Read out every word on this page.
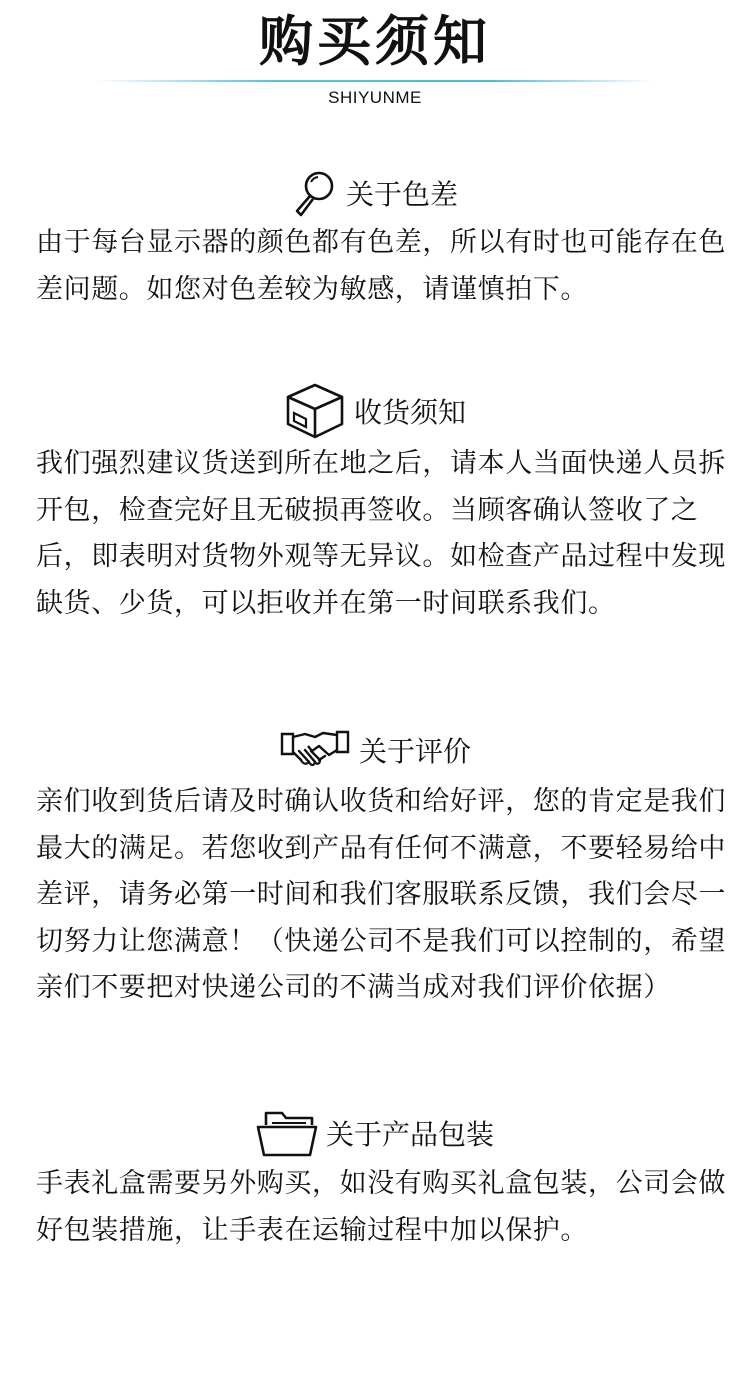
购买须知
SHIYUNME
关于色差
由于每台显示器的颜色都有色差，所以有时也可能存在色差问题。如您对色差较为敏感，请谨慎拍下。
收货须知
我们强烈建议货送到所在地之后，请本人当面快递人员拆开包，检查完好且无破损再签收。当顾客确认签收了之后，即表明对货物外观等无异议。如检查产品过程中发现缺货、少货，可以拒收并在第一时间联系我们。
关于评价
亲们收到货后请及时确认收货和给好评，您的肯定是我们最大的满足。若您收到产品有任何不满意，不要轻易给中差评，请务必第一时间和我们客服联系反馈，我们会尽一切努力让您满意！（快递公司不是我们可以控制的，希望亲们不要把对快递公司的不满当成对我们评价依据）
关于产品包装
手表礼盒需要另外购买，如没有购买礼盒包装，公司会做好包装措施，让手表在运输过程中加以保护。
